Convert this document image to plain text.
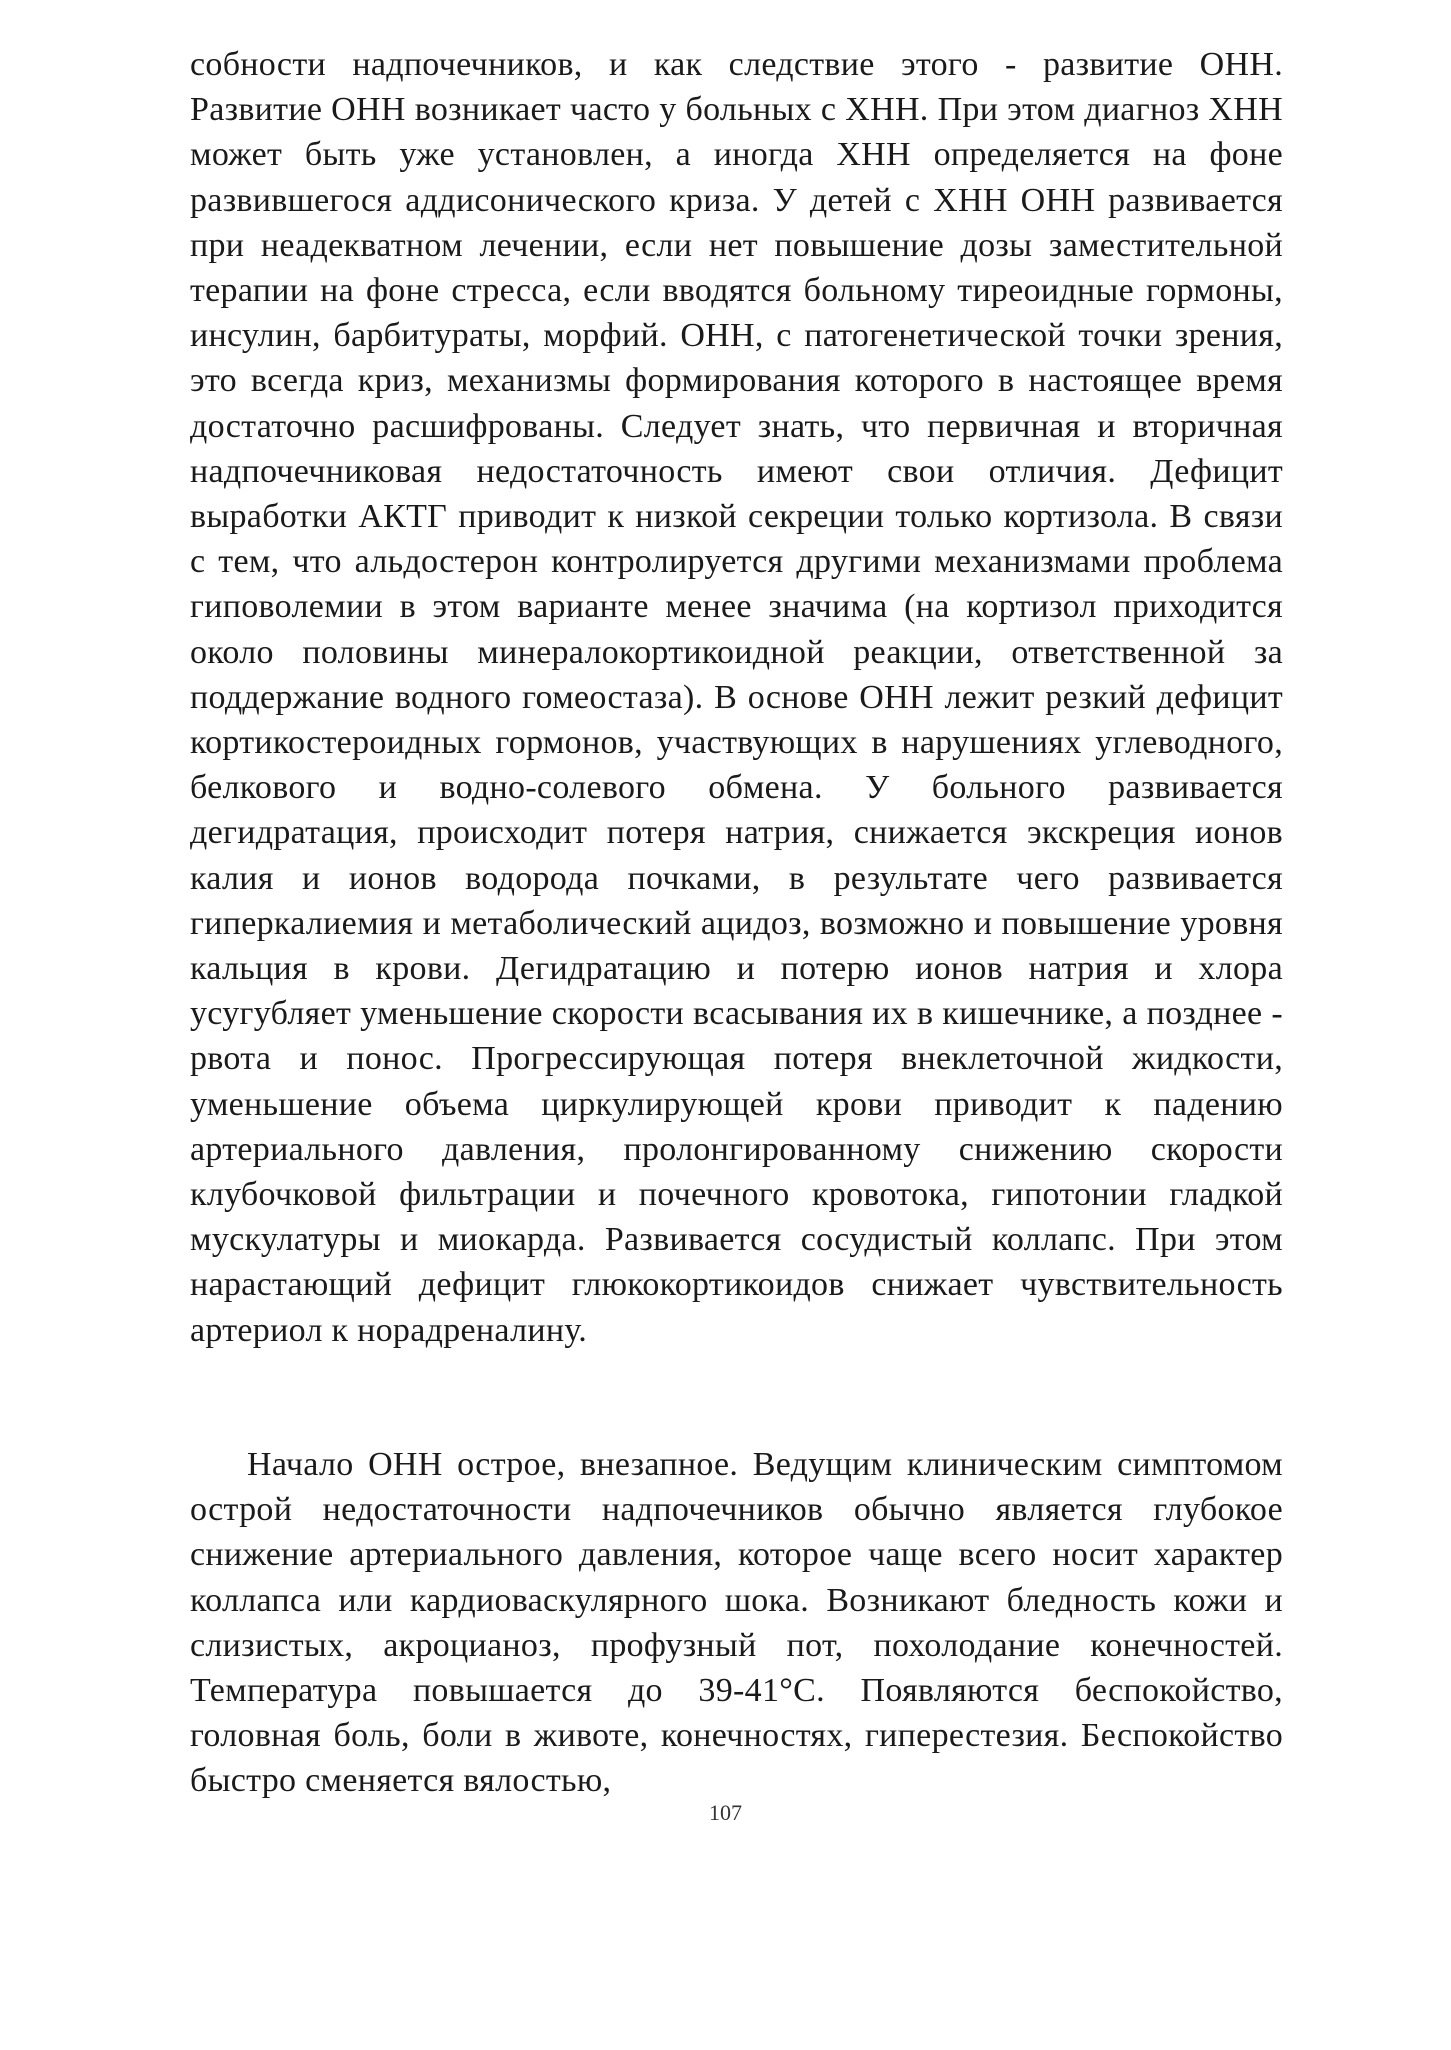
собности надпочечников, и как следствие этого - развитие ОНН. Развитие ОНН возникает часто у больных с ХНН. При этом диагноз ХНН может быть уже установлен, а иногда ХНН определяется на фоне развившегося аддисонического криза. У детей с ХНН ОНН развивается при неадекватном лечении, если нет повышение дозы заместительной терапии на фоне стресса, если вводятся больному тиреоидные гормоны, инсулин, барбитураты, морфий. ОНН, с патогенетической точки зрения, это всегда криз, механизмы формирования которого в настоящее время достаточно расшифрованы. Следует знать, что первичная и вторичная надпочечниковая недостаточность имеют свои отличия. Дефицит выработки АКТГ приводит к низкой секреции только кортизола. В связи с тем, что альдостерон контролируется другими механизмами проблема гиповолемии в этом варианте менее значима (на кортизол приходится около половины минералокортикоидной реакции, ответственной за поддержание водного гомеостаза). В основе ОНН лежит резкий дефицит кортикостероидных гормонов, участвующих в нарушениях углеводного, белкового и водно-солевого обмена. У больного развивается дегидратация, происходит потеря натрия, снижается экскреция ионов калия и ионов водорода почками, в результате чего развивается гиперкалиемия и метаболический ацидоз, возможно и повышение уровня кальция в крови. Дегидратацию и потерю ионов натрия и хлора усугубляет уменьшение скорости всасывания их в кишечнике, а позднее - рвота и понос. Прогрессирующая потеря внеклеточной жидкости, уменьшение объема циркулирующей крови приводит к падению артериального давления, пролонгированному снижению скорости клубочковой фильтрации и почечного кровотока, гипотонии гладкой мускулатуры и миокарда. Развивается сосудистый коллапс. При этом нарастающий дефицит глюкокортикоидов снижает чувствительность артериол к норадреналину.

Начало ОНН острое, внезапное. Ведущим клиническим симптомом острой недостаточности надпочечников обычно является глубокое снижение артериального давления, которое чаще всего носит характер коллапса или кардиоваскулярного шока. Возникают бледность кожи и слизистых, акроцианоз, профузный пот, похолодание конечностей. Температура повышается до 39-41°С. Появляются беспокойство, головная боль, боли в животе, конечностях, гиперестезия. Беспокойство быстро сменяется вялостью,

107
